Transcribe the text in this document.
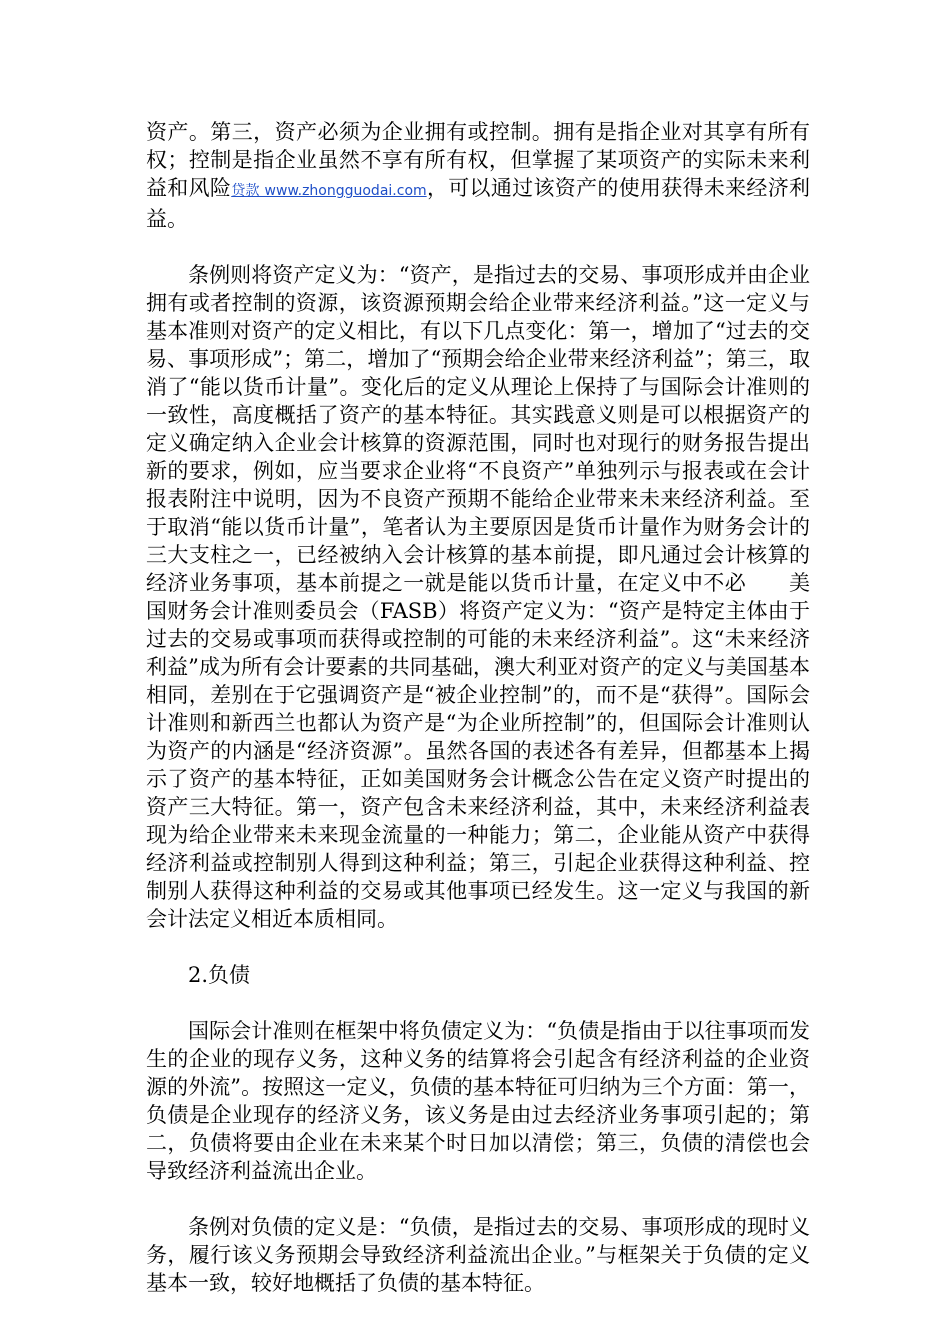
资产。第三，资产必须为企业拥有或控制。拥有是指企业对其享有所有权；控制是指企业虽然不享有所有权，但掌握了某项资产的实际未来利益和风险贷款 www.zhongguodai.com，可以通过该资产的使用获得未来经济利益。

条例则将资产定义为：“资产，是指过去的交易、事项形成并由企业拥有或者控制的资源，该资源预期会给企业带来经济利益。”这一定义与基本准则对资产的定义相比，有以下几点变化：第一，增加了“过去的交易、事项形成”；第二，增加了“预期会给企业带来经济利益”；第三，取消了“能以货币计量”。变化后的定义从理论上保持了与国际会计准则的一致性，高度概括了资产的基本特征。其实践意义则是可以根据资产的定义确定纳入企业会计核算的资源范围，同时也对现行的财务报告提出新的要求，例如，应当要求企业将“不良资产”单独列示与报表或在会计报表附注中说明，因为不良资产预期不能给企业带来未来经济利益。至于取消“能以货币计量”，笔者认为主要原因是货币计量作为财务会计的三大支柱之一，已经被纳入会计核算的基本前提，即凡通过会计核算的经济业务事项，基本前提之一就是能以货币计量，在定义中不必　　美国财务会计准则委员会（FASB）将资产定义为：“资产是特定主体由于过去的交易或事项而获得或控制的可能的未来经济利益”。这“未来经济利益”成为所有会计要素的共同基础，澳大利亚对资产的定义与美国基本相同，差别在于它强调资产是“被企业控制”的，而不是“获得”。国际会计准则和新西兰也都认为资产是“为企业所控制”的，但国际会计准则认为资产的内涵是“经济资源”。虽然各国的表述各有差异，但都基本上揭示了资产的基本特征，正如美国财务会计概念公告在定义资产时提出的资产三大特征。第一，资产包含未来经济利益，其中，未来经济利益表现为给企业带来未来现金流量的一种能力；第二，企业能从资产中获得经济利益或控制别人得到这种利益；第三，引起企业获得这种利益、控制别人获得这种利益的交易或其他事项已经发生。这一定义与我国的新会计法定义相近本质相同。

2.负债

国际会计准则在框架中将负债定义为：“负债是指由于以往事项而发生的企业的现存义务，这种义务的结算将会引起含有经济利益的企业资源的外流”。按照这一定义，负债的基本特征可归纳为三个方面：第一，负债是企业现存的经济义务，该义务是由过去经济业务事项引起的；第二，负债将要由企业在未来某个时日加以清偿；第三，负债的清偿也会导致经济利益流出企业。

条例对负债的定义是：“负债，是指过去的交易、事项形成的现时义务，履行该义务预期会导致经济利益流出企业。”与框架关于负债的定义基本一致，较好地概括了负债的基本特征。
